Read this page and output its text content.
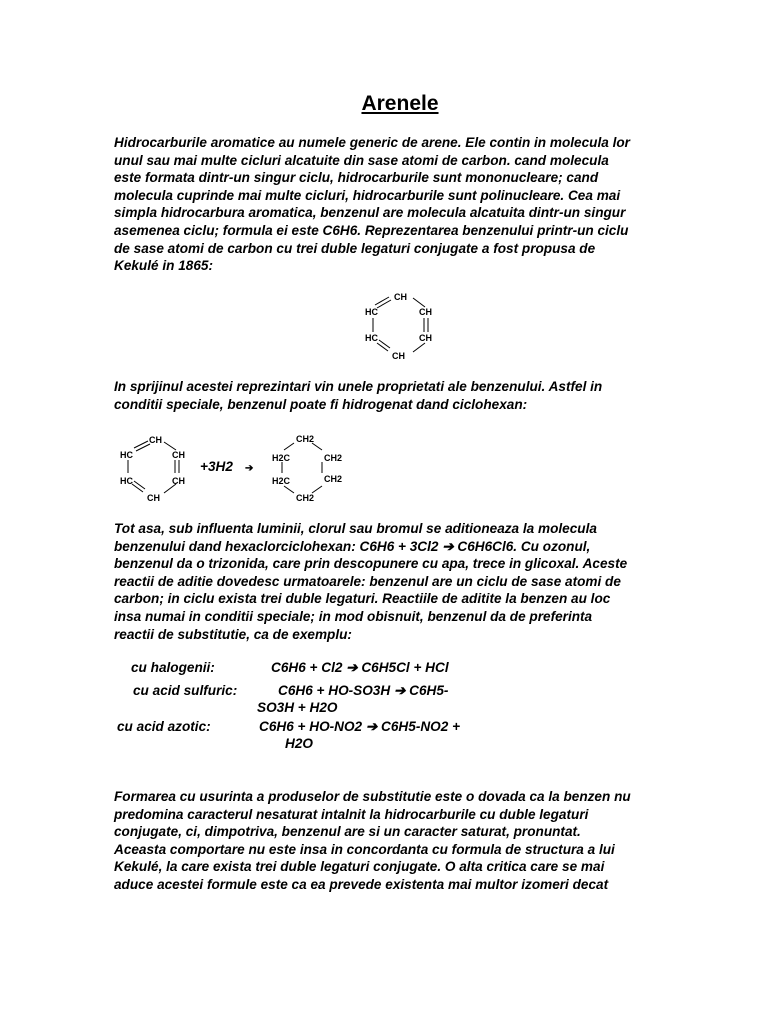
Arenele

Hidrocarburile aromatice au numele generic de arene. Ele contin in molecula lor
unul sau mai multe cicluri alcatuite din sase atomi de carbon. cand molecula
este formata dintr-un singur ciclu, hidrocarburile sunt mononucleare; cand
molecula cuprinde mai multe cicluri, hidrocarburile sunt polinucleare. Cea mai
simpla hidrocarbura aromatica, benzenul are molecula alcatuita dintr-un singur
asemenea ciclu; formula ei este C6H6. Reprezentarea benzenului printr-un ciclu
de sase atomi de carbon cu trei duble legaturi conjugate a fost propusa de
Kekulé in 1865:

CH
HC	CH
HC	CH
CH

In sprijinul acestei reprezintari vin unele proprietati ale benzenului. Astfel in
conditii speciale, benzenul poate fi hidrogenat dand ciclohexan:

CH
HC	CH
HC	CH
CH
+3H2 ➔
CH2
H2C	CH2
H2C	CH2
CH2

Tot asa, sub influenta luminii, clorul sau bromul se aditioneaza la molecula
benzenului dand hexaclorciclohexan: C6H6 + 3Cl2 ➔ C6H6Cl6. Cu ozonul,
benzenul da o trizonida, care prin descopunere cu apa, trece in glicoxal. Aceste
reactii de aditie dovedesc urmatoarele: benzenul are un ciclu de sase atomi de
carbon; in ciclu exista trei duble legaturi. Reactiile de aditite la benzen au loc
insa numai in conditii speciale; in mod obisnuit, benzenul da de preferinta
reactii de substitutie, ca de exemplu:

cu halogenii:	C6H6 + Cl2 ➔ C6H5Cl + HCl
cu acid sulfuric:	C6H6 + HO-SO3H ➔ C6H5-
SO3H + H2O
cu acid azotic:	C6H6 + HO-NO2 ➔ C6H5-NO2 +
H2O

Formarea cu usurinta a produselor de substitutie este o dovada ca la benzen nu
predomina caracterul nesaturat intalnit la hidrocarburile cu duble legaturi
conjugate, ci, dimpotriva, benzenul are si un caracter saturat, pronuntat.
Aceasta comportare nu este insa in concordanta cu formula de structura a lui
Kekulé, la care exista trei duble legaturi conjugate. O alta critica care se mai
aduce acestei formule este ca ea prevede existenta mai multor izomeri decat
